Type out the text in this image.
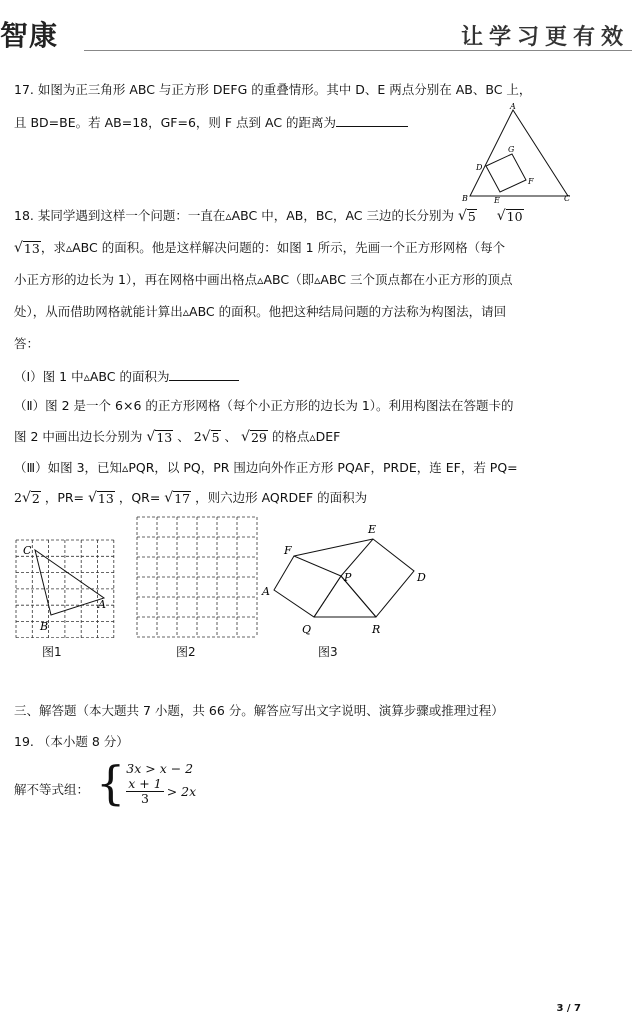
智康	让学习更有效
17. 如图为正三角形 ABC 与正方形 DEFG 的重叠情形。其中 D、E 两点分别在 AB、BC 上，
且 BD=BE。若 AB=18，GF=6，则 F 点到 AC 的距离为
A
B	C
D
E
F
G
18. 某同学遇到这样一个问题：一直在▵ABC 中，AB，BC，AC 三边的长分别为 √ 5
√ 10
√ 13 ，求▵ABC 的面积。他是这样解决问题的：如图 1 所示，先画一个正方形网格（每个
小正方形的边长为 1），再在网格中画出格点▵ABC（即▵ABC 三个顶点都在小正方形的顶点
处），从而借助网格就能计算出▵ABC 的面积。他把这种结局问题的方法称为构图法，请回
答：
（Ⅰ）图 1 中▵ABC 的面积为
（Ⅱ）图 2 是一个 6×6 的正方形网格（每个小正方形的边长为 1）。利用构图法在答题卡的
图 2 中画出边长分别为 √ 13 、 2 √ 5 、 √ 29 的格点▵DEF
（Ⅲ）如图 3，已知▵PQR，以 PQ，PR 围边向外作正方形 PQAF，PRDE，连 EF，若 PQ=
2 √ 2 ，PR= √ 13 ，QR= √ 17 ，则六边形 AQRDEF 的面积为
C
A
B
图1	图2
F
E
A
P	D
Q	R
图3
三、解答题（本大题共 7 小题，共 66 分。解答应写出文字说明、演算步骤或推理过程）
19. （本小题 8 分）
解不等式组： { 3x > x − 2
$\frac{x + 1}{3} > 2x$
3 / 7
